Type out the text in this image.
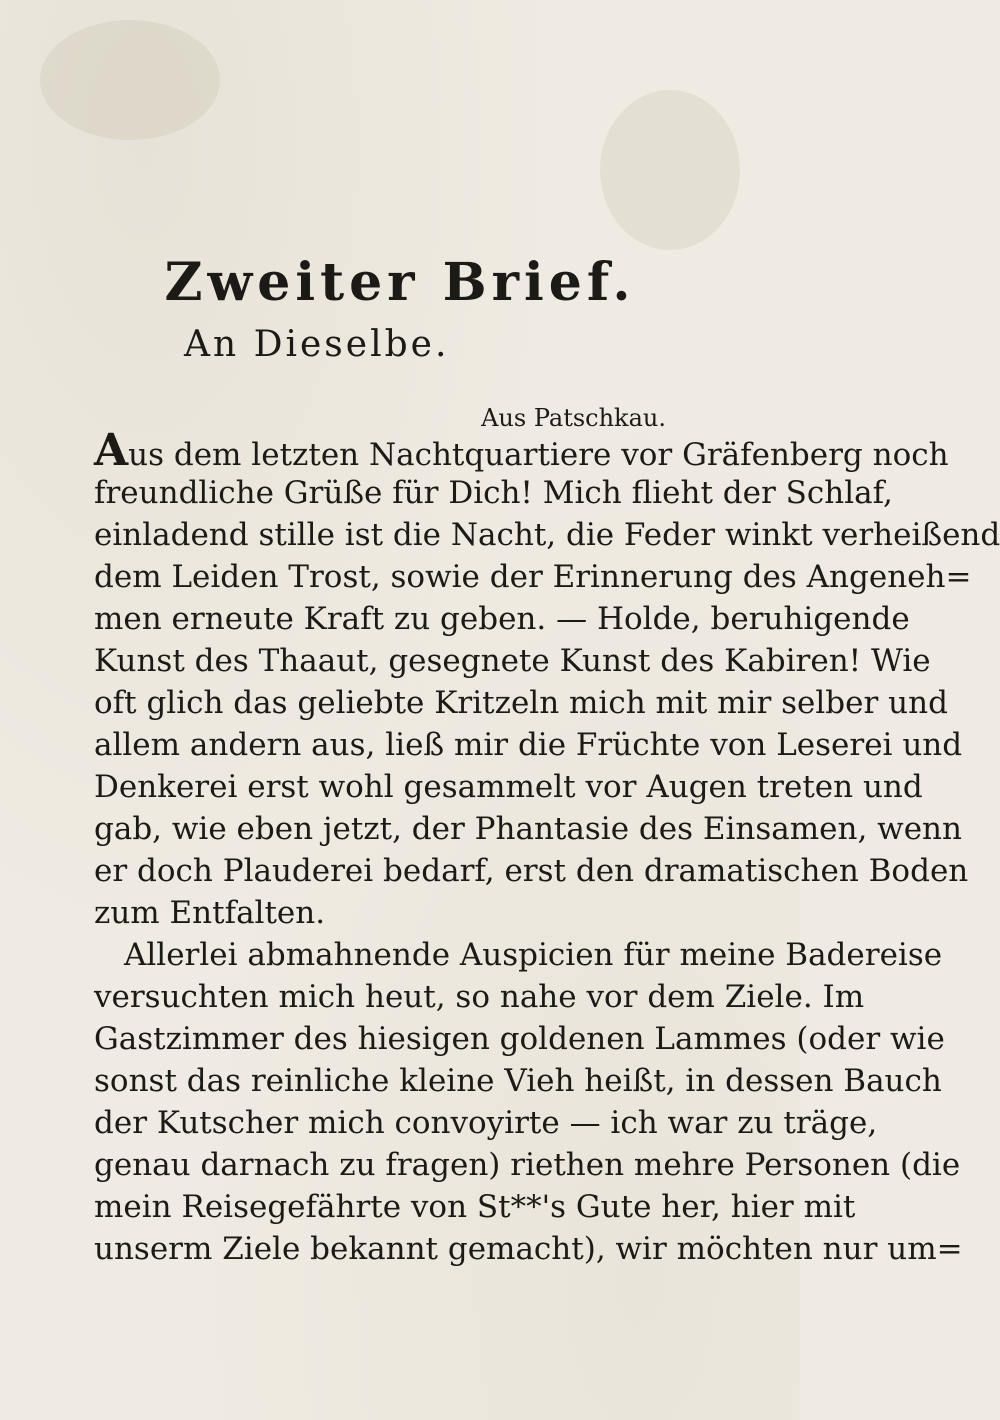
Zweiter Brief.

An Dieselbe.

Aus Patschkau.

Aus dem letzten Nachtquartiere vor Gräfenberg noch
freundliche Grüße für Dich! Mich flieht der Schlaf,
einladend stille ist die Nacht, die Feder winkt verheißend
dem Leiden Trost, sowie der Erinnerung des Angeneh=
men erneute Kraft zu geben. — Holde, beruhigende
Kunst des Thaaut, gesegnete Kunst des Kabiren! Wie
oft glich das geliebte Kritzeln mich mit mir selber und
allem andern aus, ließ mir die Früchte von Leserei und
Denkerei erst wohl gesammelt vor Augen treten und
gab, wie eben jetzt, der Phantasie des Einsamen, wenn
er doch Plauderei bedarf, erst den dramatischen Boden
zum Entfalten.
Allerlei abmahnende Auspicien für meine Badereise
versuchten mich heut, so nahe vor dem Ziele. Im
Gastzimmer des hiesigen goldenen Lammes (oder wie
sonst das reinliche kleine Vieh heißt, in dessen Bauch
der Kutscher mich convoyirte — ich war zu träge,
genau darnach zu fragen) riethen mehre Personen (die
mein Reisegefährte von St**'s Gute her, hier mit
unserm Ziele bekannt gemacht), wir möchten nur um=
